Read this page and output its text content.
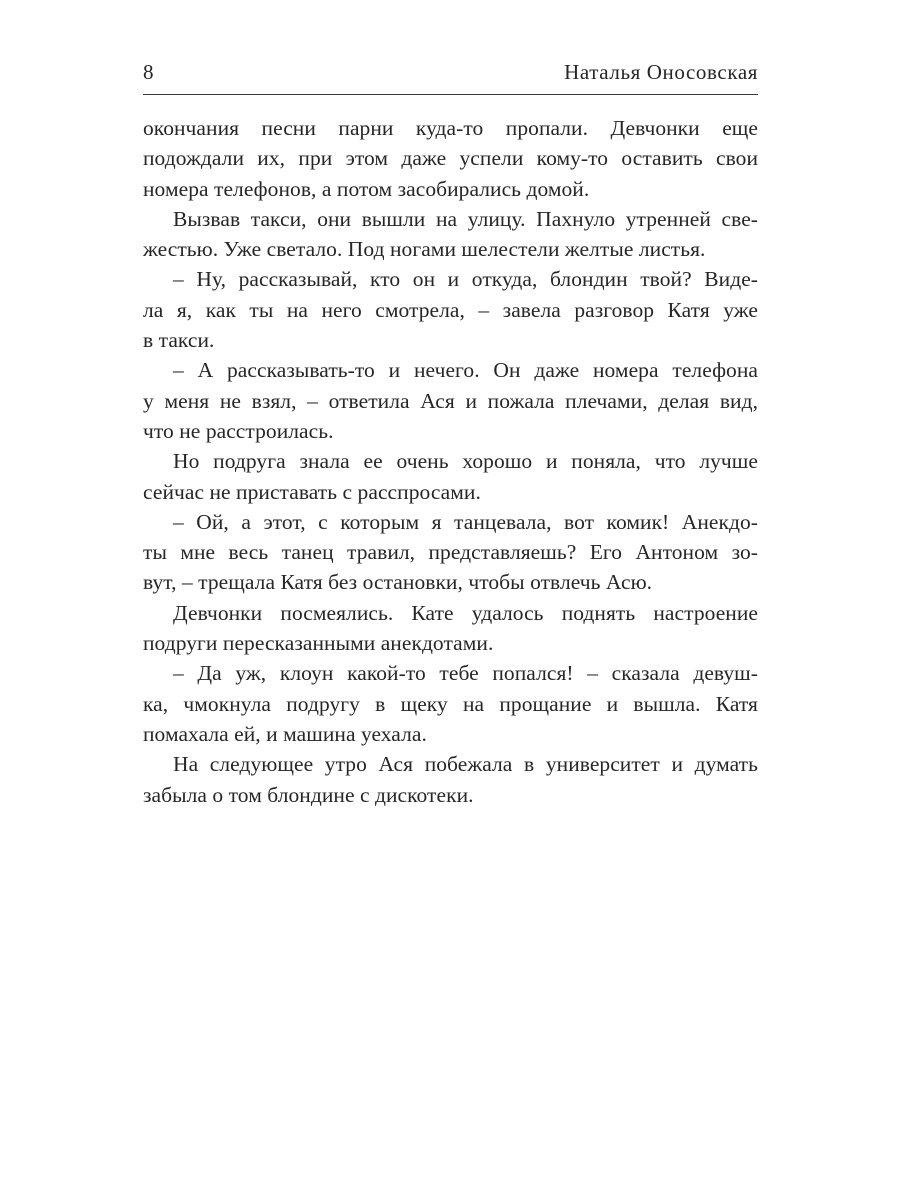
8	Наталья Оносовская

окончания песни парни куда-то пропали. Девчонки еще
подождали их, при этом даже успели кому-то оставить свои
номера телефонов, а потом засобирались домой.

Вызвав такси, они вышли на улицу. Пахнуло утренней све-
жестью. Уже светало. Под ногами шелестели желтые листья.

– Ну, рассказывай, кто он и откуда, блондин твой? Виде-
ла я, как ты на него смотрела, – завела разговор Катя уже
в такси.

– А рассказывать-то и нечего. Он даже номера телефона
у меня не взял, – ответила Ася и пожала плечами, делая вид,
что не расстроилась.

Но подруга знала ее очень хорошо и поняла, что лучше
сейчас не приставать с расспросами.

– Ой, а этот, с которым я танцевала, вот комик! Анекдо-
ты мне весь танец травил, представляешь? Его Антоном зо-
вут, – трещала Катя без остановки, чтобы отвлечь Асю.

Девчонки посмеялись. Кате удалось поднять настроение
подруги пересказанными анекдотами.

– Да уж, клоун какой-то тебе попался! – сказала девуш-
ка, чмокнула подругу в щеку на прощание и вышла. Катя
помахала ей, и машина уехала.

На следующее утро Ася побежала в университет и думать
забыла о том блондине с дискотеки.
